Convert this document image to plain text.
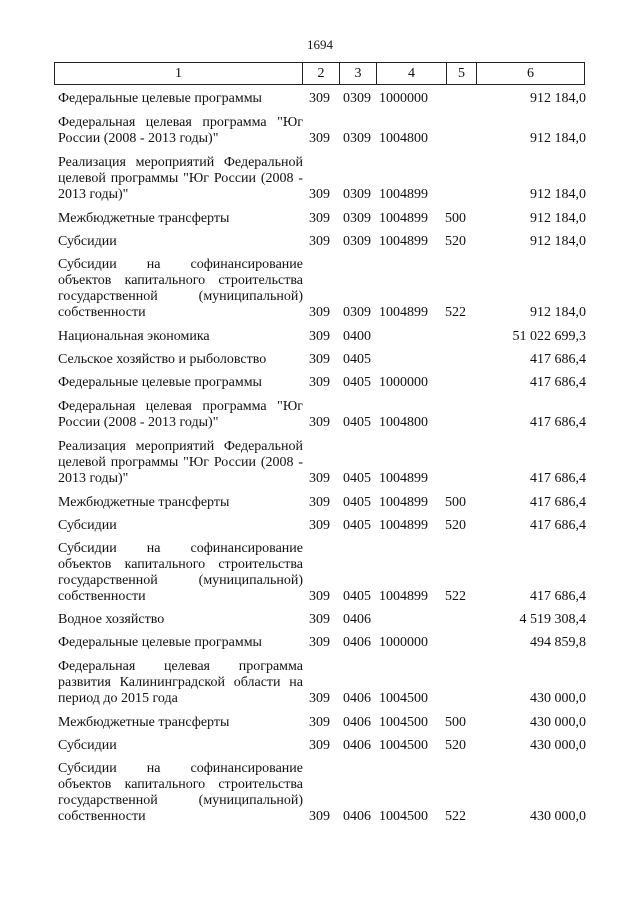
1694
1	2	3	4	5	6
Федеральные целевые программы	309 0309 1000000	912 184,0
Федеральная целевая программа "Юг России (2008 - 2013 годы)"	309 0309 1004800	912 184,0
Реализация мероприятий Федеральной целевой программы "Юг России (2008 - 2013 годы)"	309 0309 1004899	912 184,0
Межбюджетные трансферты	309 0309 1004899	500	912 184,0
Субсидии	309 0309 1004899	520	912 184,0
Субсидии на софинансирование объектов капитального строительства государственной (муниципальной) собственности	309 0309 1004899	522	912 184,0
Национальная экономика	309 0400	51 022 699,3
Сельское хозяйство и рыболовство	309 0405	417 686,4
Федеральные целевые программы	309 0405 1000000	417 686,4
Федеральная целевая программа "Юг России (2008 - 2013 годы)"	309 0405 1004800	417 686,4
Реализация мероприятий Федеральной целевой программы "Юг России (2008 - 2013 годы)"	309 0405 1004899	417 686,4
Межбюджетные трансферты	309 0405 1004899	500	417 686,4
Субсидии	309 0405 1004899	520	417 686,4
Субсидии на софинансирование объектов капитального строительства государственной (муниципальной) собственности	309 0405 1004899	522	417 686,4
Водное хозяйство	309 0406	4 519 308,4
Федеральные целевые программы	309 0406 1000000	494 859,8
Федеральная целевая программа развития Калининградской области на период до 2015 года	309 0406 1004500	430 000,0
Межбюджетные трансферты	309 0406 1004500	500	430 000,0
Субсидии	309 0406 1004500	520	430 000,0
Субсидии на софинансирование объектов капитального строительства государственной (муниципальной) собственности	309 0406 1004500	522	430 000,0
